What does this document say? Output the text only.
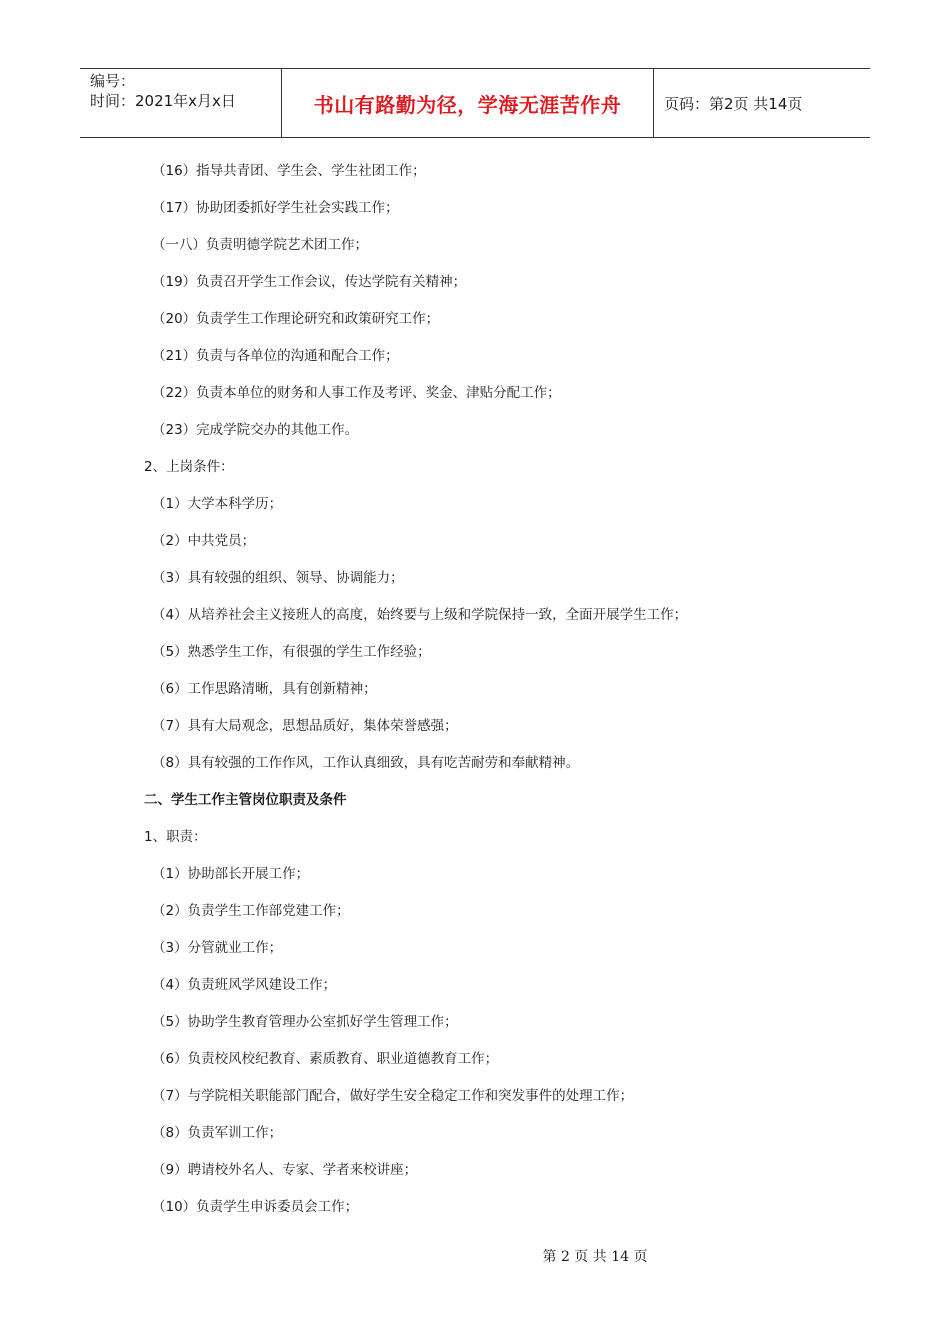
编号：
时间：2021年x月x日	书山有路勤为径，学海无涯苦作舟	页码：第2页 共14页
（16）指导共青团、学生会、学生社团工作；
（17）协助团委抓好学生社会实践工作；
（一八）负责明德学院艺术团工作；
（19）负责召开学生工作会议，传达学院有关精神；
（20）负责学生工作理论研究和政策研究工作；
（21）负责与各单位的沟通和配合工作；
（22）负责本单位的财务和人事工作及考评、奖金、津贴分配工作；
（23）完成学院交办的其他工作。
2、上岗条件：
（1）大学本科学历；
（2）中共党员；
（3）具有较强的组织、领导、协调能力；
（4）从培养社会主义接班人的高度，始终要与上级和学院保持一致，全面开展学生工作；
（5）熟悉学生工作，有很强的学生工作经验；
（6）工作思路清晰，具有创新精神；
（7）具有大局观念，思想品质好，集体荣誉感强；
（8）具有较强的工作作风，工作认真细致，具有吃苦耐劳和奉献精神。
二、学生工作主管岗位职责及条件
1、职责：
（1）协助部长开展工作；
（2）负责学生工作部党建工作；
（3）分管就业工作；
（4）负责班风学风建设工作；
（5）协助学生教育管理办公室抓好学生管理工作；
（6）负责校风校纪教育、素质教育、职业道德教育工作；
（7）与学院相关职能部门配合，做好学生安全稳定工作和突发事件的处理工作；
（8）负责军训工作；
（9）聘请校外名人、专家、学者来校讲座；
（10）负责学生申诉委员会工作；
第 2 页 共 14 页
